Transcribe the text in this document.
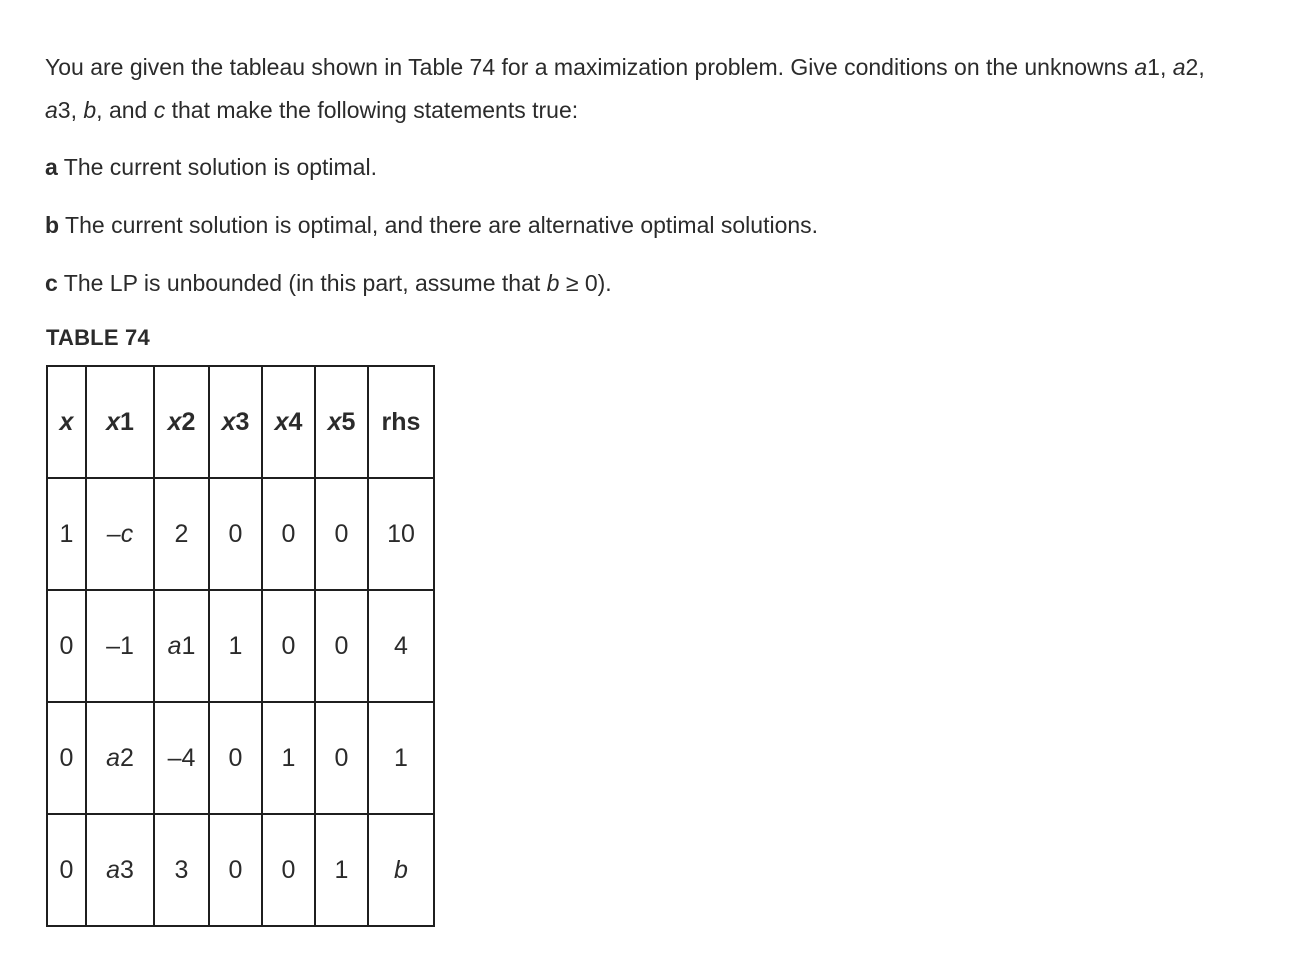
You are given the tableau shown in Table 74 for a maximization problem. Give conditions on the unknowns a1, a2, a3, b, and c that make the following statements true:

a The current solution is optimal.

b The current solution is optimal, and there are alternative optimal solutions.

c The LP is unbounded (in this part, assume that b ≥ 0).

TABLE 74
x	x1	x2	x3	x4	x5	rhs
1	–c	2	0	0	0	10
0	–1	a1	1	0	0	4
0	a2	–4	0	1	0	1
0	a3	3	0	0	1	b
